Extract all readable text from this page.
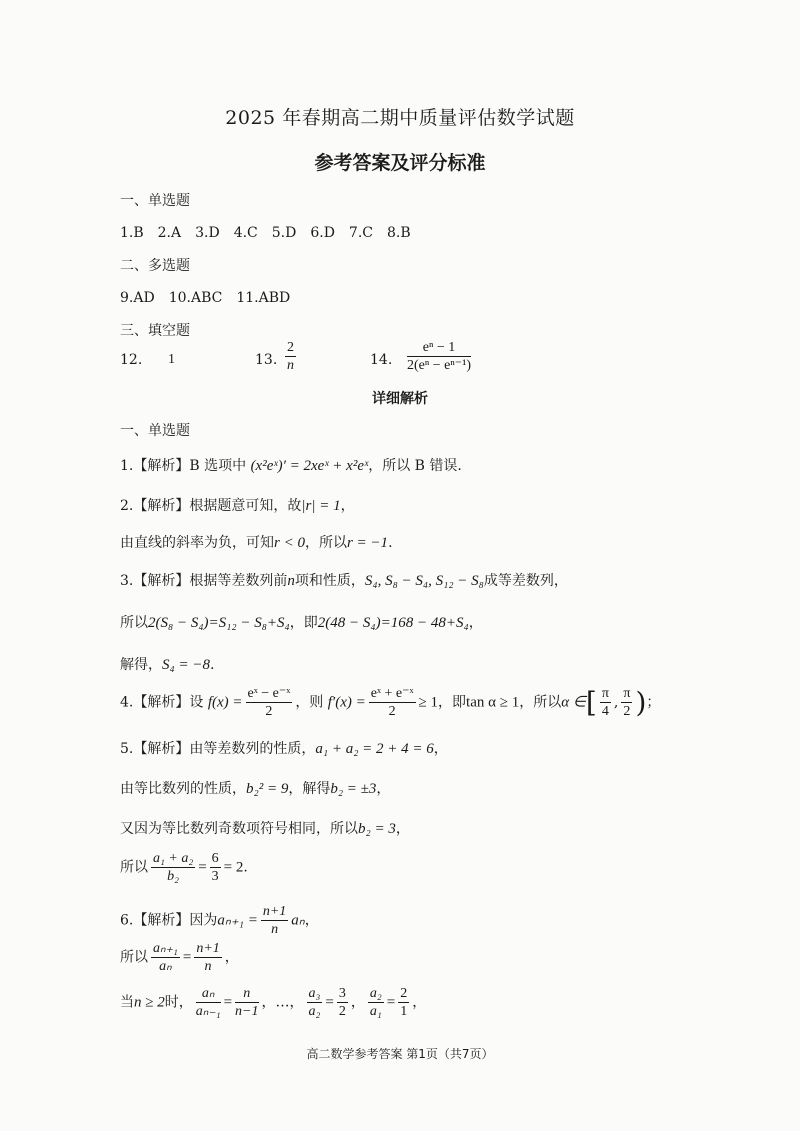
2025 年春期高二期中质量评估数学试题
参考答案及评分标准
一、单选题
1.B　2.A　3.D　4.C　5.D　6.D　7.C　8.B
二、多选题
9.AD　10.ABC　11.ABD
三、填空题
12. 1	13. $\frac{2}{n}$	14. $\frac{\text{eⁿ − 1}}{\text{2(eⁿ − eⁿ⁻¹)}}$
详细解析
一、单选题
1.【解析】B 选项中 (x²eˣ)′ = 2xeˣ + x²eˣ，所以 B 错误.
2.【解析】根据题意可知，故|r| = 1，
由直线的斜率为负，可知r < 0，所以r = −1.
3.【解析】根据等差数列前n项和性质，S₄, S₈ − S₄, S₁₂ − S₈成等差数列，
所以2(S₈ − S₄)=S₁₂ − S₈+S₄，即2(48 − S₄)=168 − 48+S₄，
解得，S₄ = −8.
4.【解析】设 $f(x) = \frac{\text{eˣ − e⁻ˣ}}{2}$ ，则 $f'(x) = \frac{\text{eˣ + e⁻ˣ}}{2} \ge 1$，即tan α ≥ 1，所以α ∈[ $\frac{\pi}{4}$ , $\frac{\pi}{2}$ )；
5.【解析】由等差数列的性质，a₁ + a₂ = 2 + 4 = 6，
由等比数列的性质，b₂² = 9，解得b₂ = ±3，
又因为等比数列奇数项符号相同，所以b₂ = 3，
所以 $\frac{\text{a₁ + a₂}}{\text{b₂}} = \frac{6}{3} = 2$.
6.【解析】因为$a_{n+1} = \frac{n+1}{n}$ aₙ，
所以 $\frac{\text{aₙ₊₁}}{\text{aₙ}} = \frac{n+1}{n}$ ，
当n ≥ 2时， $\frac{\text{aₙ}}{\text{aₙ₋₁}} = \frac{n}{n-1}$ ，…， $\frac{\text{a₃}}{\text{a₂}} = \frac{3}{2}$ ， $\frac{\text{a₂}}{\text{a₁}} = \frac{2}{1}$ ，
高二数学参考答案 第1页（共7页）
